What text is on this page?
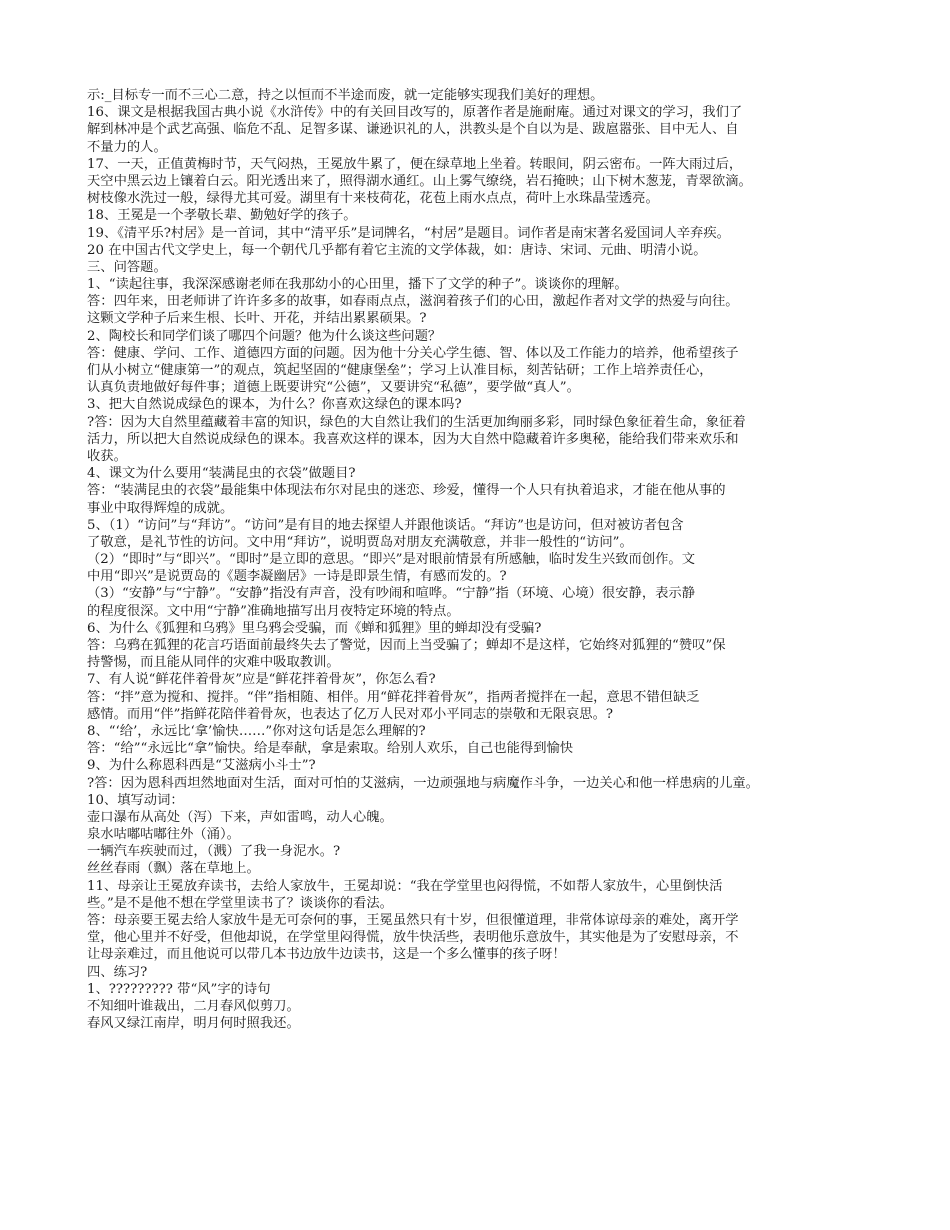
示:_目标专一而不三心二意，持之以恒而不半途而废，就一定能够实现我们美好的理想。
16、课文是根据我国古典小说《水浒传》中的有关回目改写的，原著作者是施耐庵。通过对课文的学习，我们了
解到林冲是个武艺高强、临危不乱、足智多谋、谦逊识礼的人，洪教头是个自以为是、跋扈嚣张、目中无人、自
不量力的人。
17、一天，正值黄梅时节，天气闷热，王冕放牛累了，便在绿草地上坐着。转眼间，阴云密布。一阵大雨过后，
天空中黑云边上镶着白云。阳光透出来了，照得湖水通红。山上雾气缭绕，岩石掩映；山下树木葱茏，青翠欲滴。
树枝像水洗过一般，绿得尤其可爱。湖里有十来枝荷花，花苞上雨水点点，荷叶上水珠晶莹透亮。
18、王冕是一个孝敬长辈、勤勉好学的孩子。
19、《清平乐?村居》是一首词，其中“清平乐”是词牌名，“村居”是题目。词作者是南宋著名爱国词人辛弃疾。
20 在中国古代文学史上，每一个朝代几乎都有着它主流的文学体裁，如：唐诗、宋词、元曲、明清小说。
三、问答题。
1、“读起往事，我深深感谢老师在我那幼小的心田里，播下了文学的种子”。谈谈你的理解。
答：四年来，田老师讲了许许多多的故事，如春雨点点，滋润着孩子们的心田，激起作者对文学的热爱与向往。
这颗文学种子后来生根、长叶、开花，并结出累累硕果。?
2、陶校长和同学们谈了哪四个问题？他为什么谈这些问题？
答：健康、学问、工作、道德四方面的问题。因为他十分关心学生德、智、体以及工作能力的培养，他希望孩子
们从小树立“健康第一”的观点，筑起坚固的“健康堡垒”；学习上认准目标，刻苦钻研；工作上培养责任心，
认真负责地做好每件事；道德上既要讲究“公德”，又要讲究“私德”，要学做“真人”。
3、把大自然说成绿色的课本，为什么？你喜欢这绿色的课本吗?
?答：因为大自然里蕴藏着丰富的知识，绿色的大自然让我们的生活更加绚丽多彩，同时绿色象征着生命，象征着
活力，所以把大自然说成绿色的课本。我喜欢这样的课本，因为大自然中隐藏着许多奥秘，能给我们带来欢乐和
收获。
4、课文为什么要用“装满昆虫的衣袋”做题目?
答：“装满昆虫的衣袋”最能集中体现法布尔对昆虫的迷恋、珍爱，懂得一个人只有执着追求，才能在他从事的
事业中取得辉煌的成就。
5、（1）“访问”与“拜访”。“访问”是有目的地去探望人并跟他谈话。“拜访”也是访问，但对被访者包含
了敬意，是礼节性的访问。文中用“拜访”，说明贾岛对朋友充满敬意，并非一般性的“访问”。
（2）“即时”与“即兴”。“即时”是立即的意思。“即兴”是对眼前情景有所感触，临时发生兴致而创作。文
中用“即兴”是说贾岛的《题李凝幽居》一诗是即景生情，有感而发的。?
（3）“安静”与“宁静”。“安静”指没有声音，没有吵闹和喧哗。“宁静”指（环境、心境）很安静，表示静
的程度很深。文中用“宁静”准确地描写出月夜特定环境的特点。
6、为什么《狐狸和乌鸦》里乌鸦会受骗，而《蝉和狐狸》里的蝉却没有受骗?
答：乌鸦在狐狸的花言巧语面前最终失去了警觉，因而上当受骗了；蝉却不是这样，它始终对狐狸的“赞叹”保
持警惕，而且能从同伴的灾难中吸取教训。
7、有人说“鲜花伴着骨灰”应是“鲜花拌着骨灰”，你怎么看?
答：“拌”意为搅和、搅拌。“伴”指相随、相伴。用“鲜花拌着骨灰”，指两者搅拌在一起，意思不错但缺乏
感情。而用“伴”指鲜花陪伴着骨灰，也表达了亿万人民对邓小平同志的崇敬和无限哀思。?
8、“‘给’，永远比‘拿’愉快……”你对这句话是怎么理解的?
答：“给”“永远比“拿”愉快。给是奉献，拿是索取。给别人欢乐，自己也能得到愉快
9、为什么称恩科西是“艾滋病小斗士”?
?答：因为恩科西坦然地面对生活，面对可怕的艾滋病，一边顽强地与病魔作斗争，一边关心和他一样患病的儿童。
10、填写动词：
壶口瀑布从高处（泻）下来，声如雷鸣，动人心魄。
泉水咕嘟咕嘟往外（涌）。
一辆汽车疾驶而过，（溅）了我一身泥水。?
丝丝春雨（飘）落在草地上。
11、母亲让王冕放弃读书，去给人家放牛，王冕却说：“我在学堂里也闷得慌，不如帮人家放牛，心里倒快活
些。”是不是他不想在学堂里读书了？谈谈你的看法。
答：母亲要王冕去给人家放牛是无可奈何的事，王冕虽然只有十岁，但很懂道理，非常体谅母亲的难处，离开学
堂，他心里并不好受，但他却说，在学堂里闷得慌，放牛快活些，表明他乐意放牛，其实他是为了安慰母亲，不
让母亲难过，而且他说可以带几本书边放牛边读书，这是一个多么懂事的孩子呀！
四、练习?
1、????????? 带“风”字的诗句
不知细叶谁裁出，二月春风似剪刀。
春风又绿江南岸，明月何时照我还。
